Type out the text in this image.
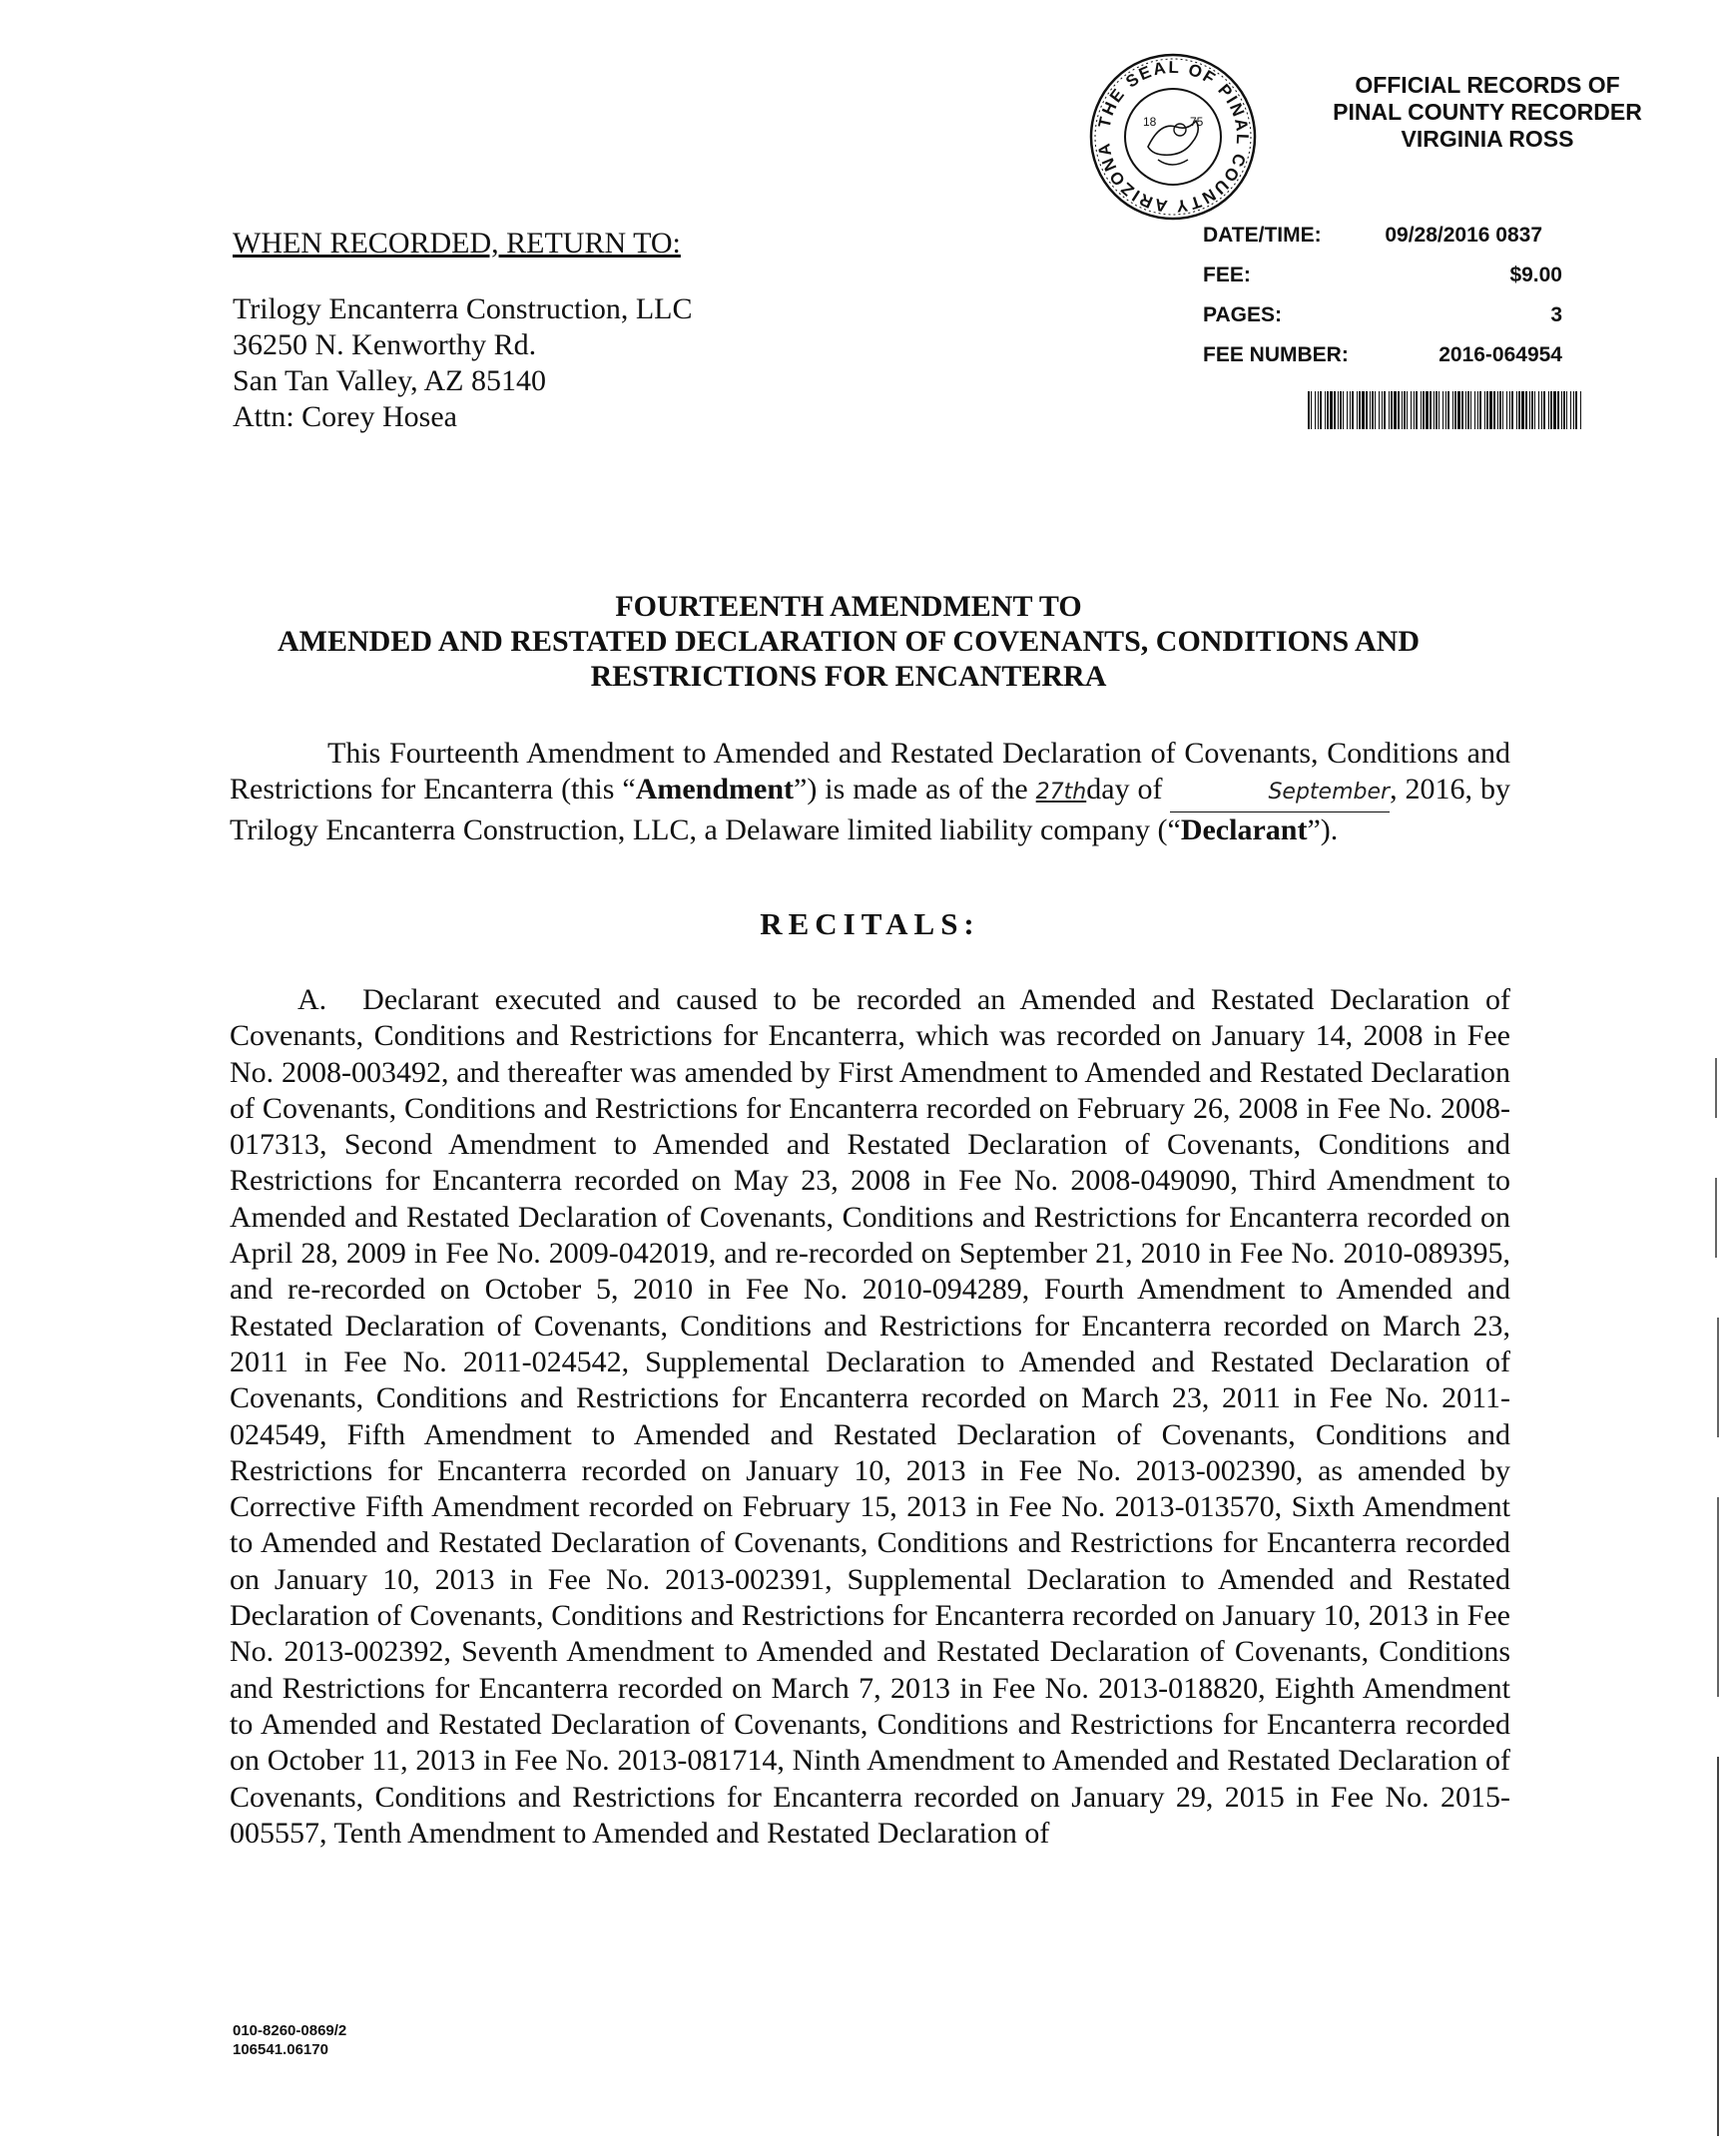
THE SEAL OF PINAL COUNTY ARIZONA
18	75
OFFICIAL RECORDS OF
PINAL COUNTY RECORDER
VIRGINIA ROSS
DATE/TIME:	09/28/2016 0837
FEE:	$9.00
PAGES:	3
FEE NUMBER:	2016-064954
WHEN RECORDED, RETURN TO:
Trilogy Encanterra Construction, LLC
36250 N. Kenworthy Rd.
San Tan Valley, AZ 85140
Attn: Corey Hosea
FOURTEENTH AMENDMENT TO
AMENDED AND RESTATED DECLARATION OF COVENANTS, CONDITIONS AND
RESTRICTIONS FOR ENCANTERRA

This Fourteenth Amendment to Amended and Restated Declaration of Covenants, Conditions and Restrictions for Encanterra (this “Amendment”) is made as of the 27thday of	September, 2016, by Trilogy Encanterra Construction, LLC, a Delaware limited liability company (“Declarant”).

RECITALS:

A. Declarant executed and caused to be recorded an Amended and Restated Declaration of Covenants, Conditions and Restrictions for Encanterra, which was recorded on January 14, 2008 in Fee No. 2008-003492, and thereafter was amended by First Amendment to Amended and Restated Declaration of Covenants, Conditions and Restrictions for Encanterra recorded on February 26, 2008 in Fee No. 2008-017313, Second Amendment to Amended and Restated Declaration of Covenants, Conditions and Restrictions for Encanterra recorded on May 23, 2008 in Fee No. 2008-049090, Third Amendment to Amended and Restated Declaration of Covenants, Conditions and Restrictions for Encanterra recorded on April 28, 2009 in Fee No. 2009-042019, and re-recorded on September 21, 2010 in Fee No. 2010-089395, and re-recorded on October 5, 2010 in Fee No. 2010-094289, Fourth Amendment to Amended and Restated Declaration of Covenants, Conditions and Restrictions for Encanterra recorded on March 23, 2011 in Fee No. 2011-024542, Supplemental Declaration to Amended and Restated Declaration of Covenants, Conditions and Restrictions for Encanterra recorded on March 23, 2011 in Fee No. 2011-024549, Fifth Amendment to Amended and Restated Declaration of Covenants, Conditions and Restrictions for Encanterra recorded on January 10, 2013 in Fee No. 2013-002390, as amended by Corrective Fifth Amendment recorded on February 15, 2013 in Fee No. 2013-013570, Sixth Amendment to Amended and Restated Declaration of Covenants, Conditions and Restrictions for Encanterra recorded on January 10, 2013 in Fee No. 2013-002391, Supplemental Declaration to Amended and Restated Declaration of Covenants, Conditions and Restrictions for Encanterra recorded on January 10, 2013 in Fee No. 2013-002392, Seventh Amendment to Amended and Restated Declaration of Covenants, Conditions and Restrictions for Encanterra recorded on March 7, 2013 in Fee No. 2013-018820, Eighth Amendment to Amended and Restated Declaration of Covenants, Conditions and Restrictions for Encanterra recorded on October 11, 2013 in Fee No. 2013-081714, Ninth Amendment to Amended and Restated Declaration of Covenants, Conditions and Restrictions for Encanterra recorded on January 29, 2015 in Fee No. 2015-005557, Tenth Amendment to Amended and Restated Declaration of

010-8260-0869/2
106541.06170
